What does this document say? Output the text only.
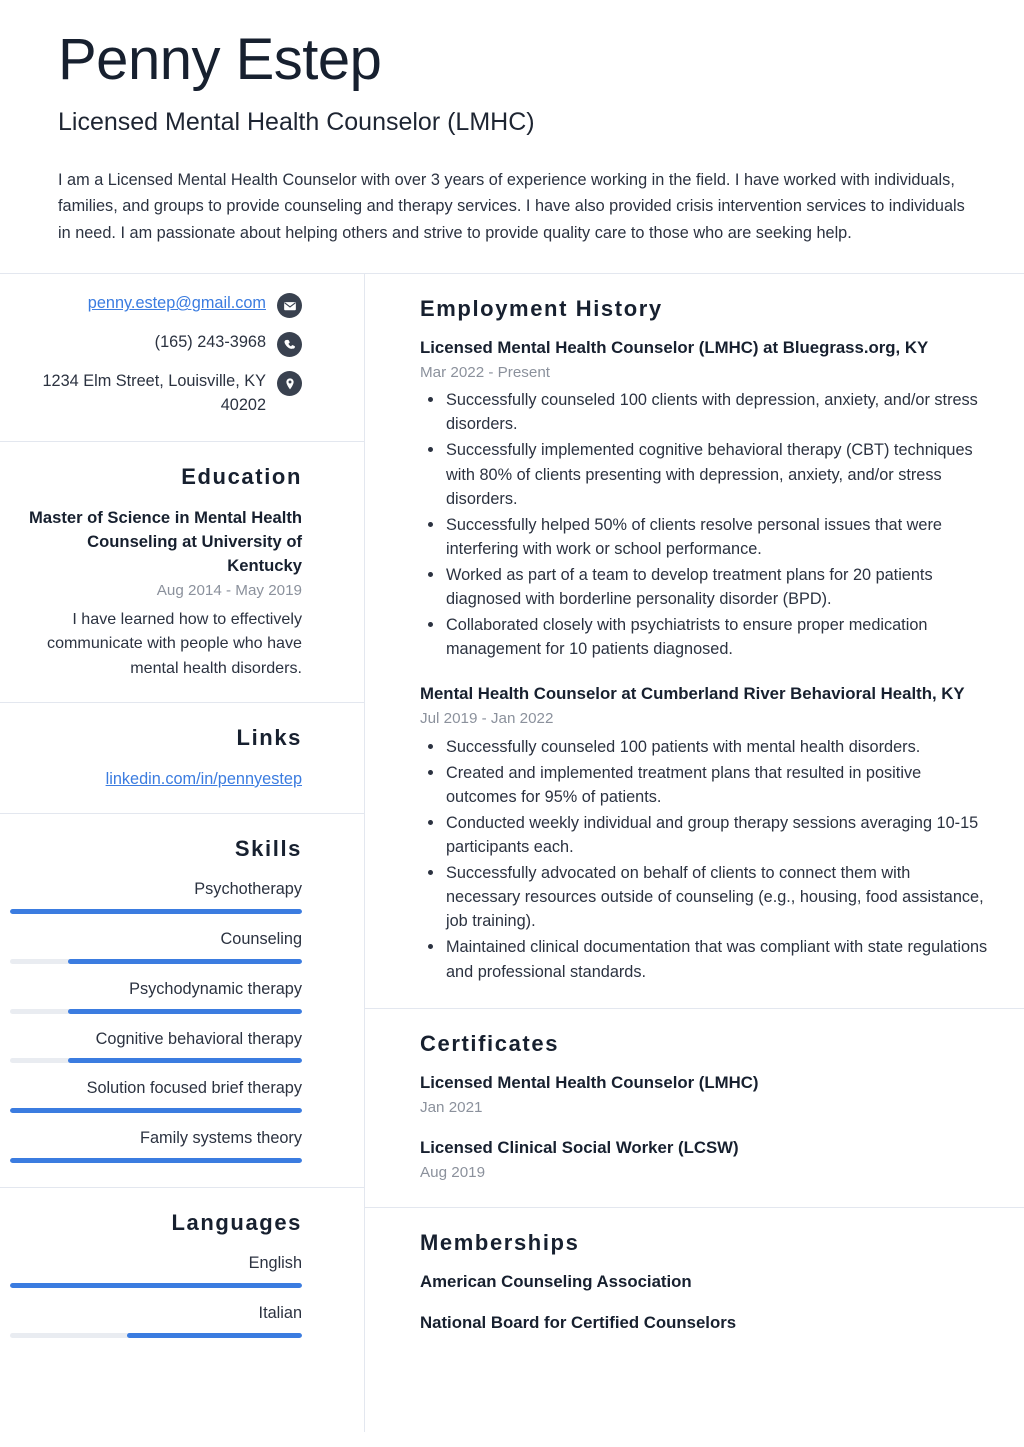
Penny Estep
Licensed Mental Health Counselor (LMHC)

I am a Licensed Mental Health Counselor with over 3 years of experience working in the field. I have worked with individuals, families, and groups to provide counseling and therapy services. I have also provided crisis intervention services to individuals in need. I am passionate about helping others and strive to provide quality care to those who are seeking help.

penny.estep@gmail.com
(165) 243-3968
1234 Elm Street, Louisville, KY 40202
Education
Master of Science in Mental Health Counseling at University of Kentucky
Aug 2014 - May 2019
I have learned how to effectively communicate with people who have mental health disorders.
Links
linkedin.com/in/pennyestep
Skills
Psychotherapy
Counseling
Psychodynamic therapy
Cognitive behavioral therapy
Solution focused brief therapy
Family systems theory
Languages
English
Italian
Employment History
Licensed Mental Health Counselor (LMHC) at Bluegrass.org, KY
Mar 2022 - Present
Successfully counseled 100 clients with depression, anxiety, and/or stress disorders.
Successfully implemented cognitive behavioral therapy (CBT) techniques with 80% of clients presenting with depression, anxiety, and/or stress disorders.
Successfully helped 50% of clients resolve personal issues that were interfering with work or school performance.
Worked as part of a team to develop treatment plans for 20 patients diagnosed with borderline personality disorder (BPD).
Collaborated closely with psychiatrists to ensure proper medication management for 10 patients diagnosed.
Mental Health Counselor at Cumberland River Behavioral Health, KY
Jul 2019 - Jan 2022
Successfully counseled 100 patients with mental health disorders.
Created and implemented treatment plans that resulted in positive outcomes for 95% of patients.
Conducted weekly individual and group therapy sessions averaging 10-15 participants each.
Successfully advocated on behalf of clients to connect them with necessary resources outside of counseling (e.g., housing, food assistance, job training).
Maintained clinical documentation that was compliant with state regulations and professional standards.
Certificates
Licensed Mental Health Counselor (LMHC)
Jan 2021
Licensed Clinical Social Worker (LCSW)
Aug 2019
Memberships
American Counseling Association
National Board for Certified Counselors
